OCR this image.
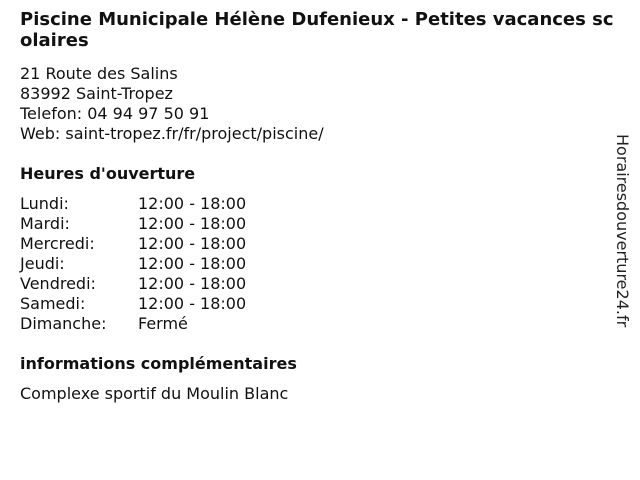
Piscine Municipale Hélène Dufenieux - Petites vacances scolaires
21 Route des Salins
83992 Saint-Tropez
Telefon: 04 94 97 50 91
Web: saint-tropez.fr/fr/project/piscine/
Heures d'ouverture
Lundi:	12:00 - 18:00
Mardi:	12:00 - 18:00
Mercredi:	12:00 - 18:00
Jeudi:	12:00 - 18:00
Vendredi:	12:00 - 18:00
Samedi:	12:00 - 18:00
Dimanche: Fermé
informations complémentaires
Complexe sportif du Moulin Blanc
Horairesdouverture24.fr
